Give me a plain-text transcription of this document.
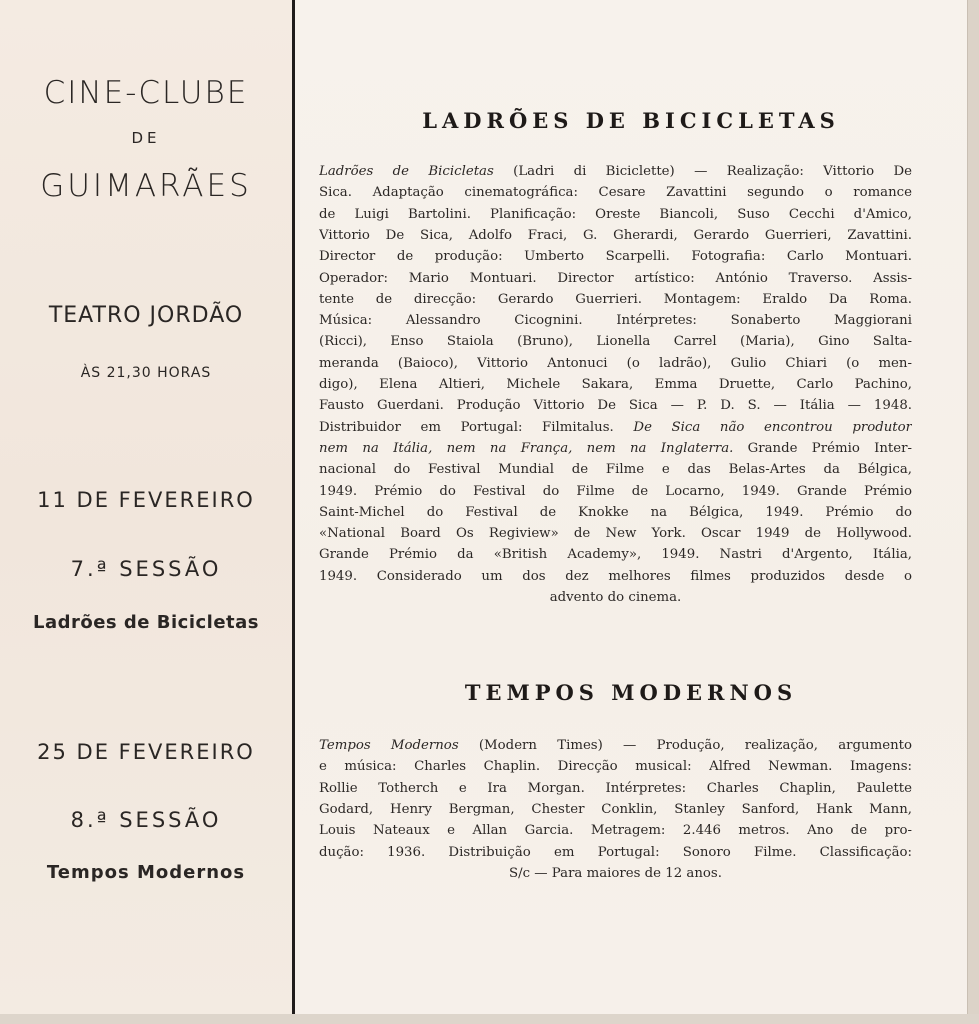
CINE-CLUBE
DE
GUIMARÃES
TEATRO JORDÃO
ÀS 21,30 HORAS
11 DE FEVEREIRO
7.ª SESSÃO
Ladrões de Bicicletas
25 DE FEVEREIRO
8.ª SESSÃO
Tempos Modernos
LADRÕES DE BICICLETAS
Ladrões de Bicicletas (Ladri di Biciclette) — Realização: Vittorio De
Sica. Adaptação cinematográfica: Cesare Zavattini segundo o romance
de Luigi Bartolini. Planificação: Oreste Biancoli, Suso Cecchi d'Amico,
Vittorio De Sica, Adolfo Fraci, G. Gherardi, Gerardo Guerrieri, Zavattini.
Director de produção: Umberto Scarpelli. Fotografia: Carlo Montuari.
Operador: Mario Montuari. Director artístico: António Traverso. Assis-
tente de direcção: Gerardo Guerrieri. Montagem: Eraldo Da Roma.
Música: Alessandro Cicognini. Intérpretes: Sonaberto Maggiorani
(Ricci), Enso Staiola (Bruno), Lionella Carrel (Maria), Gino Salta-
meranda (Baioco), Vittorio Antonuci (o ladrão), Gulio Chiari (o men-
digo), Elena Altieri, Michele Sakara, Emma Druette, Carlo Pachino,
Fausto Guerdani. Produção Vittorio De Sica — P. D. S. — Itália — 1948.
Distribuidor em Portugal: Filmitalus. De Sica não encontrou produtor
nem na Itália, nem na França, nem na Inglaterra. Grande Prémio Inter-
nacional do Festival Mundial de Filme e das Belas-Artes da Bélgica,
1949. Prémio do Festival do Filme de Locarno, 1949. Grande Prémio
Saint-Michel do Festival de Knokke na Bélgica, 1949. Prémio do
«National Board Os Regiview» de New York. Oscar 1949 de Hollywood.
Grande Prémio da «British Academy», 1949. Nastri d'Argento, Itália,
1949. Considerado um dos dez melhores filmes produzidos desde o
advento do cinema.
TEMPOS MODERNOS
Tempos Modernos (Modern Times) — Produção, realização, argumento
e música: Charles Chaplin. Direcção musical: Alfred Newman. Imagens:
Rollie Totherch e Ira Morgan. Intérpretes: Charles Chaplin, Paulette
Godard, Henry Bergman, Chester Conklin, Stanley Sanford, Hank Mann,
Louis Nateaux e Allan Garcia. Metragem: 2.446 metros. Ano de pro-
dução: 1936. Distribuição em Portugal: Sonoro Filme. Classificação:
S/c — Para maiores de 12 anos.
